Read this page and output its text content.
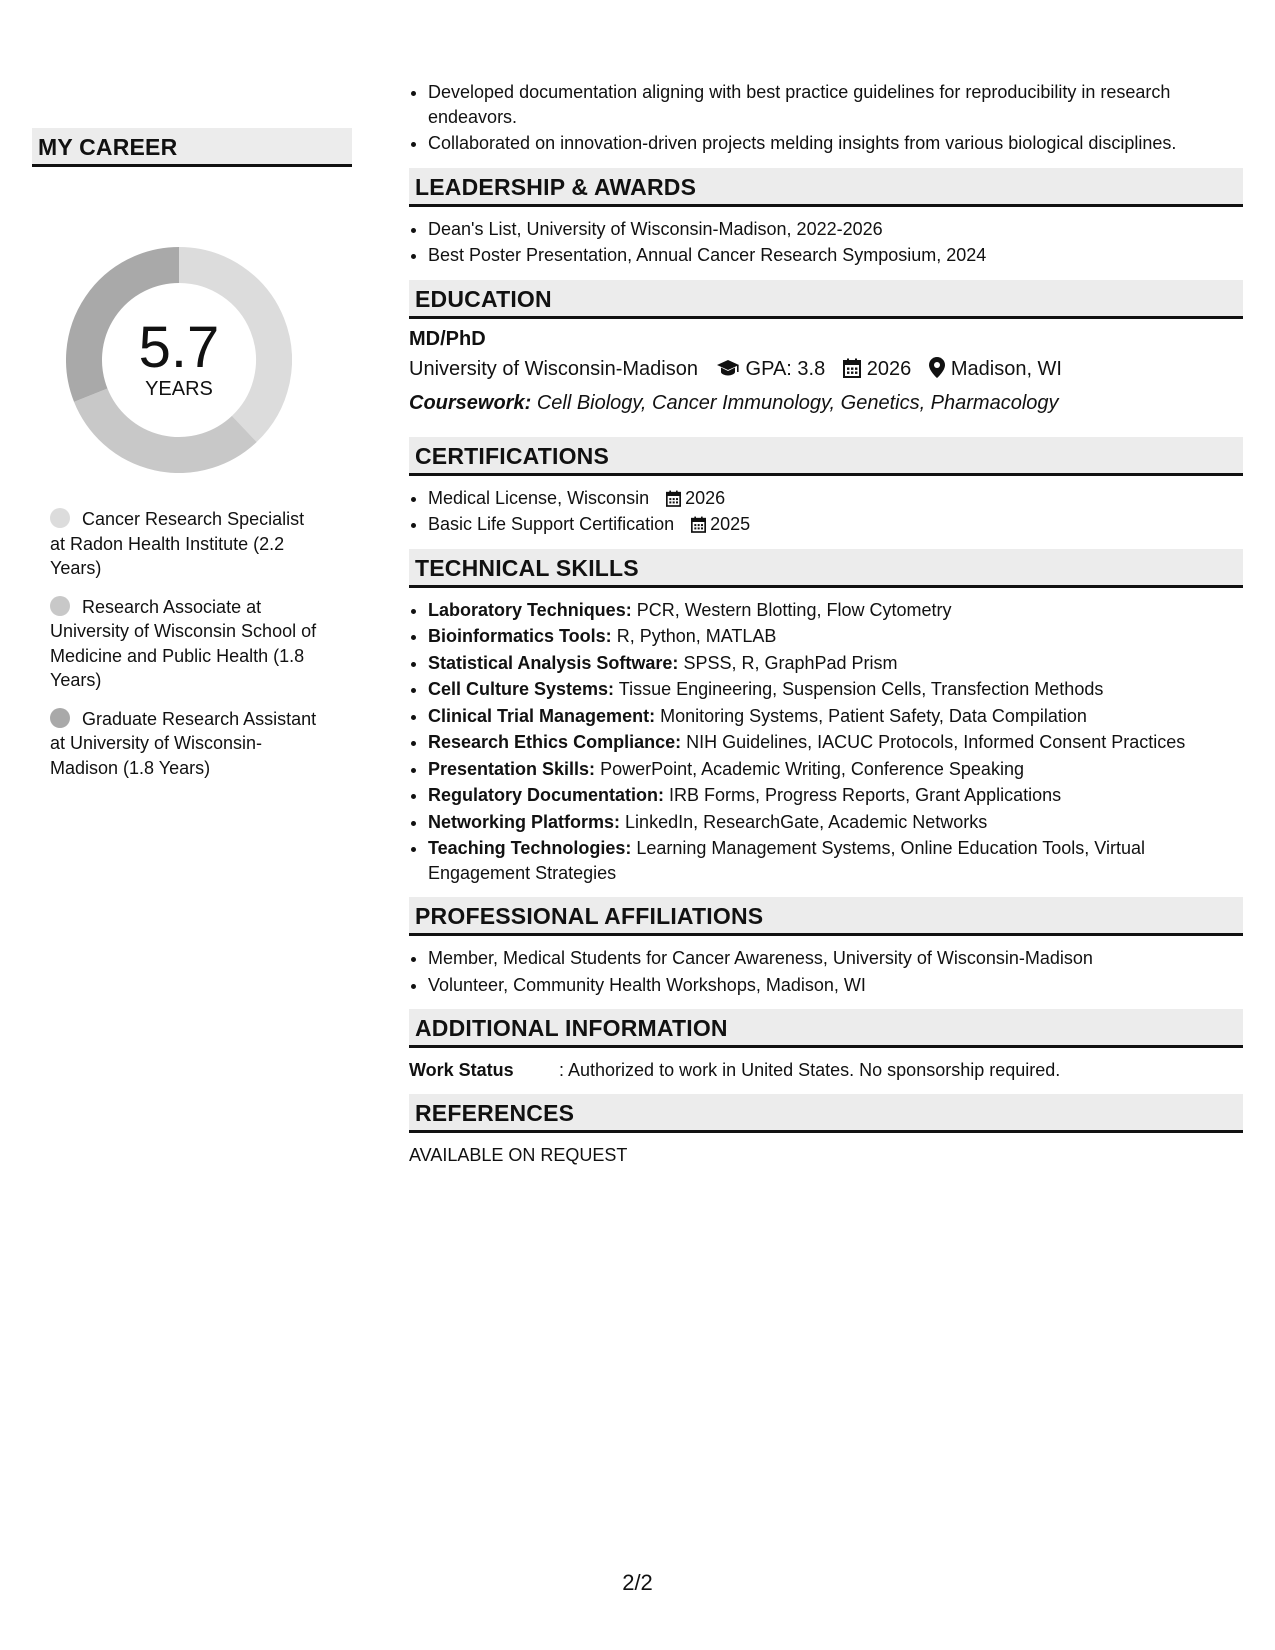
MY CAREER
5.7
YEARS
Cancer Research Specialist at Radon Health Institute (2.2 Years)
Research Associate at University of Wisconsin School of Medicine and Public Health (1.8 Years)
Graduate Research Assistant at University of Wisconsin-Madison (1.8 Years)
• Developed documentation aligning with best practice guidelines for reproducibility in research endeavors.
• Collaborated on innovation-driven projects melding insights from various biological disciplines.
LEADERSHIP & AWARDS
• Dean's List, University of Wisconsin-Madison, 2022-2026
• Best Poster Presentation, Annual Cancer Research Symposium, 2024
EDUCATION
MD/PhD
University of Wisconsin-Madison GPA: 3.8 2026 Madison, WI
Coursework: Cell Biology, Cancer Immunology, Genetics, Pharmacology
CERTIFICATIONS
• Medical License, Wisconsin 2026
• Basic Life Support Certification 2025
TECHNICAL SKILLS
• Laboratory Techniques: PCR, Western Blotting, Flow Cytometry
• Bioinformatics Tools: R, Python, MATLAB
• Statistical Analysis Software: SPSS, R, GraphPad Prism
• Cell Culture Systems: Tissue Engineering, Suspension Cells, Transfection Methods
• Clinical Trial Management: Monitoring Systems, Patient Safety, Data Compilation
• Research Ethics Compliance: NIH Guidelines, IACUC Protocols, Informed Consent Practices
• Presentation Skills: PowerPoint, Academic Writing, Conference Speaking
• Regulatory Documentation: IRB Forms, Progress Reports, Grant Applications
• Networking Platforms: LinkedIn, ResearchGate, Academic Networks
• Teaching Technologies: Learning Management Systems, Online Education Tools, Virtual Engagement Strategies
PROFESSIONAL AFFILIATIONS
• Member, Medical Students for Cancer Awareness, University of Wisconsin-Madison
• Volunteer, Community Health Workshops, Madison, WI
ADDITIONAL INFORMATION
Work Status	: Authorized to work in United States. No sponsorship required.
REFERENCES
AVAILABLE ON REQUEST
2/2
